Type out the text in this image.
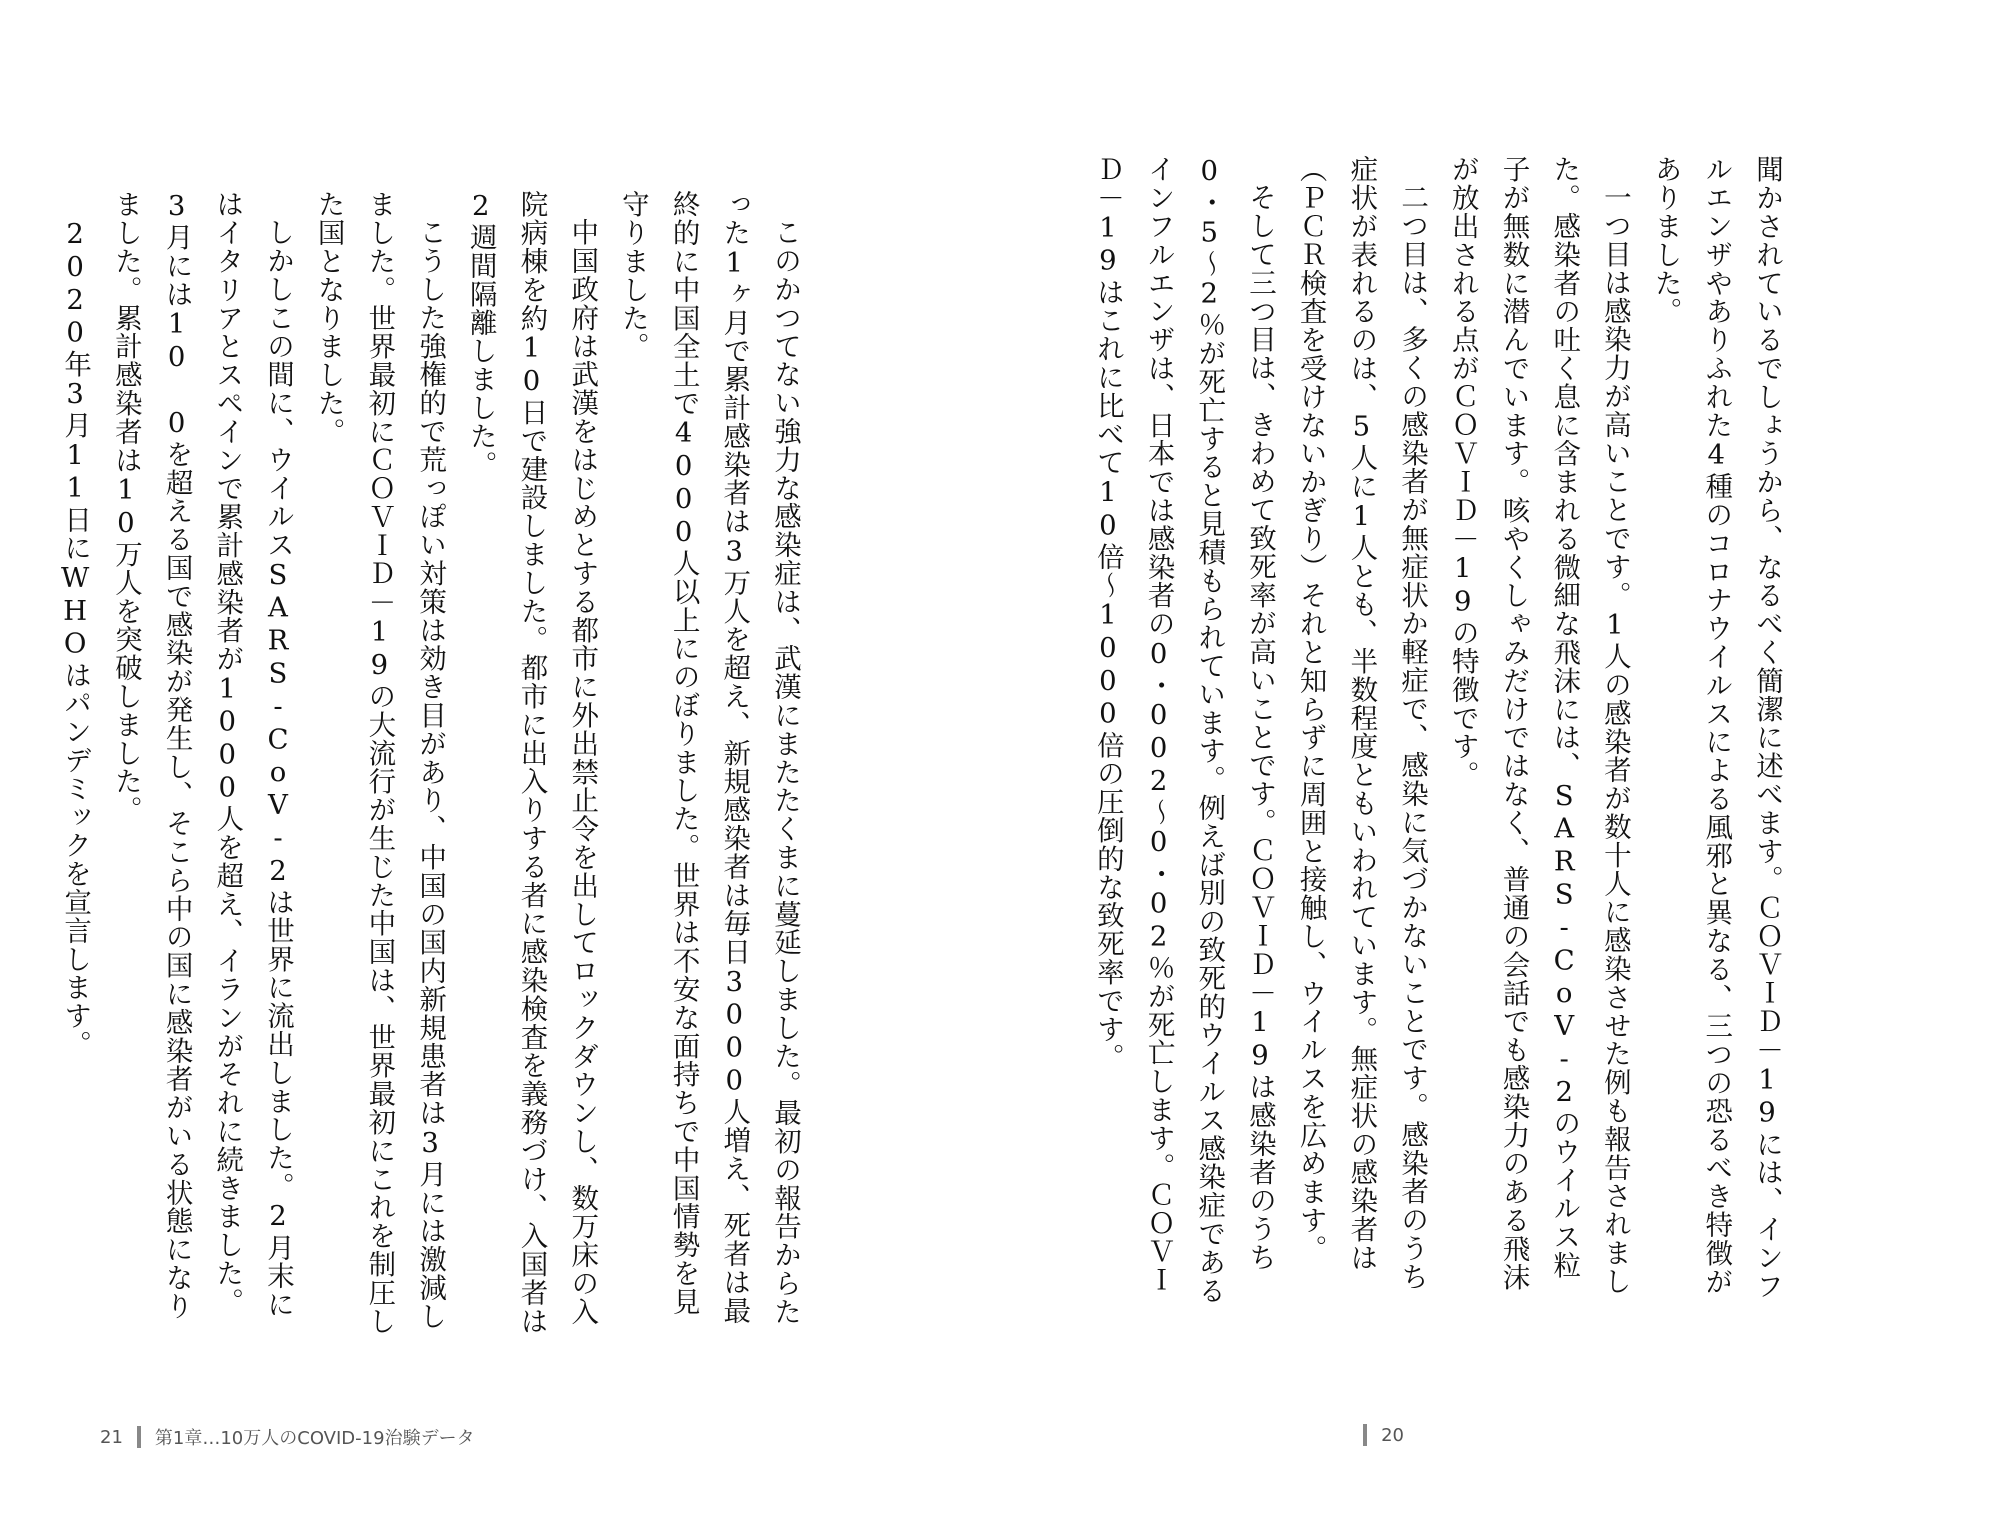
聞かされているでしょうから、なるべく簡潔に述べます。ＣＯＶＩＤ－19には、インフルエンザやありふれた4種のコロナウイルスによる風邪と異なる、三つの恐るべき特徴がありました。
一つ目は感染力が高いことです。1人の感染者が数十人に感染させた例も報告されました。感染者の吐く息に含まれる微細な飛沫には、SARS-CoV-2のウイルス粒子が無数に潜んでいます。咳やくしゃみだけではなく、普通の会話でも感染力のある飛沫が放出される点がＣＯＶＩＤ－19の特徴です。
二つ目は、多くの感染者が無症状か軽症で、感染に気づかないことです。感染者のうち症状が表れるのは、5人に1人とも、半数程度ともいわれています。無症状の感染者は（ＰＣＲ検査を受けないかぎり）それと知らずに周囲と接触し、ウイルスを広めます。
そして三つ目は、きわめて致死率が高いことです。ＣＯＶＩＤ－19は感染者のうち0・5～2％が死亡すると見積もられています。例えば別の致死的ウイルス感染症であるインフルエンザは、日本では感染者の0・002～0・02％が死亡します。ＣＯＶＩＤ－19はこれに比べて10倍～1000倍の圧倒的な致死率です。
20
このかつてない強力な感染症は、武漢にまたたくまに蔓延しました。最初の報告からたった1ヶ月で累計感染者は3万人を超え、新規感染者は毎日3000人増え、死者は最終的に中国全土で4000人以上にのぼりました。世界は不安な面持ちで中国情勢を見守りました。
中国政府は武漢をはじめとする都市に外出禁止令を出してロックダウンし、数万床の入院病棟を約10日で建設しました。都市に出入りする者に感染検査を義務づけ、入国者は2週間隔離しました。
こうした強権的で荒っぽい対策は効き目があり、中国の国内新規患者は3月には激減しました。世界最初にＣＯＶＩＤ－19の大流行が生じた中国は、世界最初にこれを制圧した国となりました。
しかしこの間に、ウイルスSARS-CoV-2は世界に流出しました。2月末にはイタリアとスペインで累計感染者が1000人を超え、イランがそれに続きました。3月には10 0を超える国で感染が発生し、そこら中の国に感染者がいる状態になりました。累計感染者は10万人を突破しました。
2020年3月11日にWHOはパンデミックを宣言します。
21 第1章…10万人のCOVID-19治験データ
